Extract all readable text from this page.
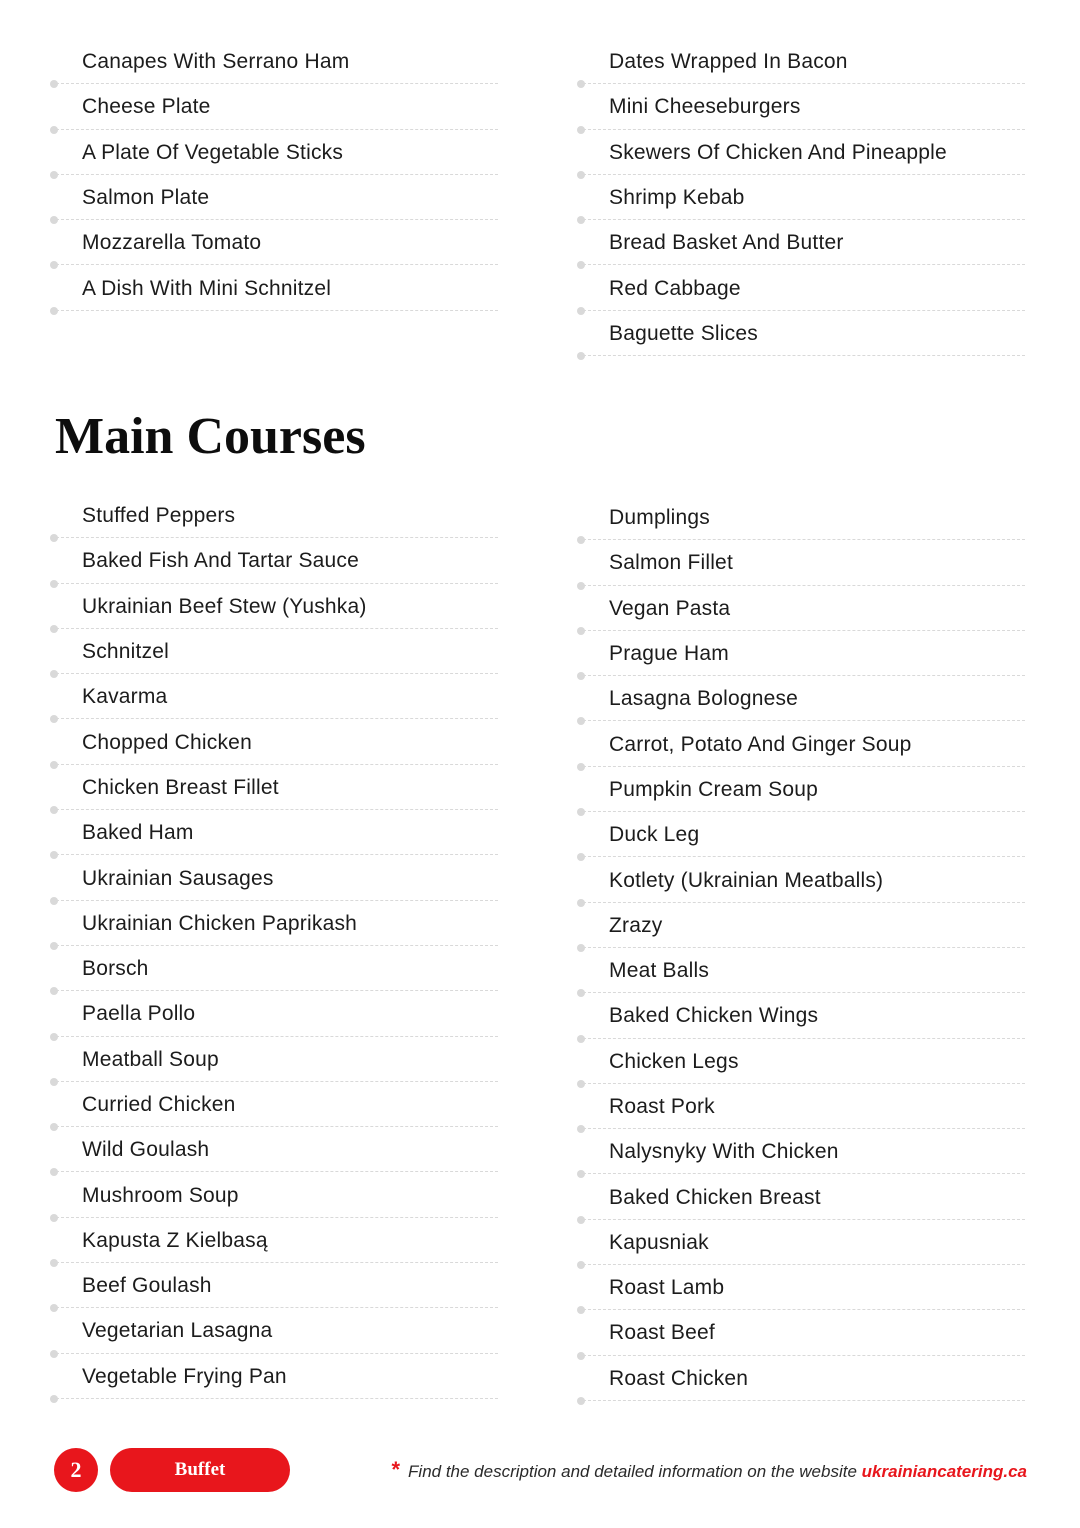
Canapes With Serrano Ham
Cheese Plate
A Plate Of Vegetable Sticks
Salmon Plate
Mozzarella Tomato
A Dish With Mini Schnitzel
Dates Wrapped In Bacon
Mini Cheeseburgers
Skewers Of Chicken And Pineapple
Shrimp Kebab
Bread Basket And Butter
Red Cabbage
Baguette Slices
Main Courses
Stuffed Peppers
Baked Fish And Tartar Sauce
Ukrainian Beef Stew (Yushka)
Schnitzel
Kavarma
Chopped Chicken
Chicken Breast Fillet
Baked Ham
Ukrainian Sausages
Ukrainian Chicken Paprikash
Borsch
Paella Pollo
Meatball Soup
Curried Chicken
Wild Goulash
Mushroom Soup
Kapusta Z Kielbasą
Beef Goulash
Vegetarian Lasagna
Vegetable Frying Pan
Dumplings
Salmon Fillet
Vegan Pasta
Prague Ham
Lasagna Bolognese
Carrot, Potato And Ginger Soup
Pumpkin Cream Soup
Duck Leg
Kotlety (Ukrainian Meatballs)
Zrazy
Meat Balls
Baked Chicken Wings
Chicken Legs
Roast Pork
Nalysnyky With Chicken
Baked Chicken Breast
Kapusniak
Roast Lamb
Roast Beef
Roast Chicken
2	Buffet	* Find the description and detailed information on the website ukrainiancatering.ca
